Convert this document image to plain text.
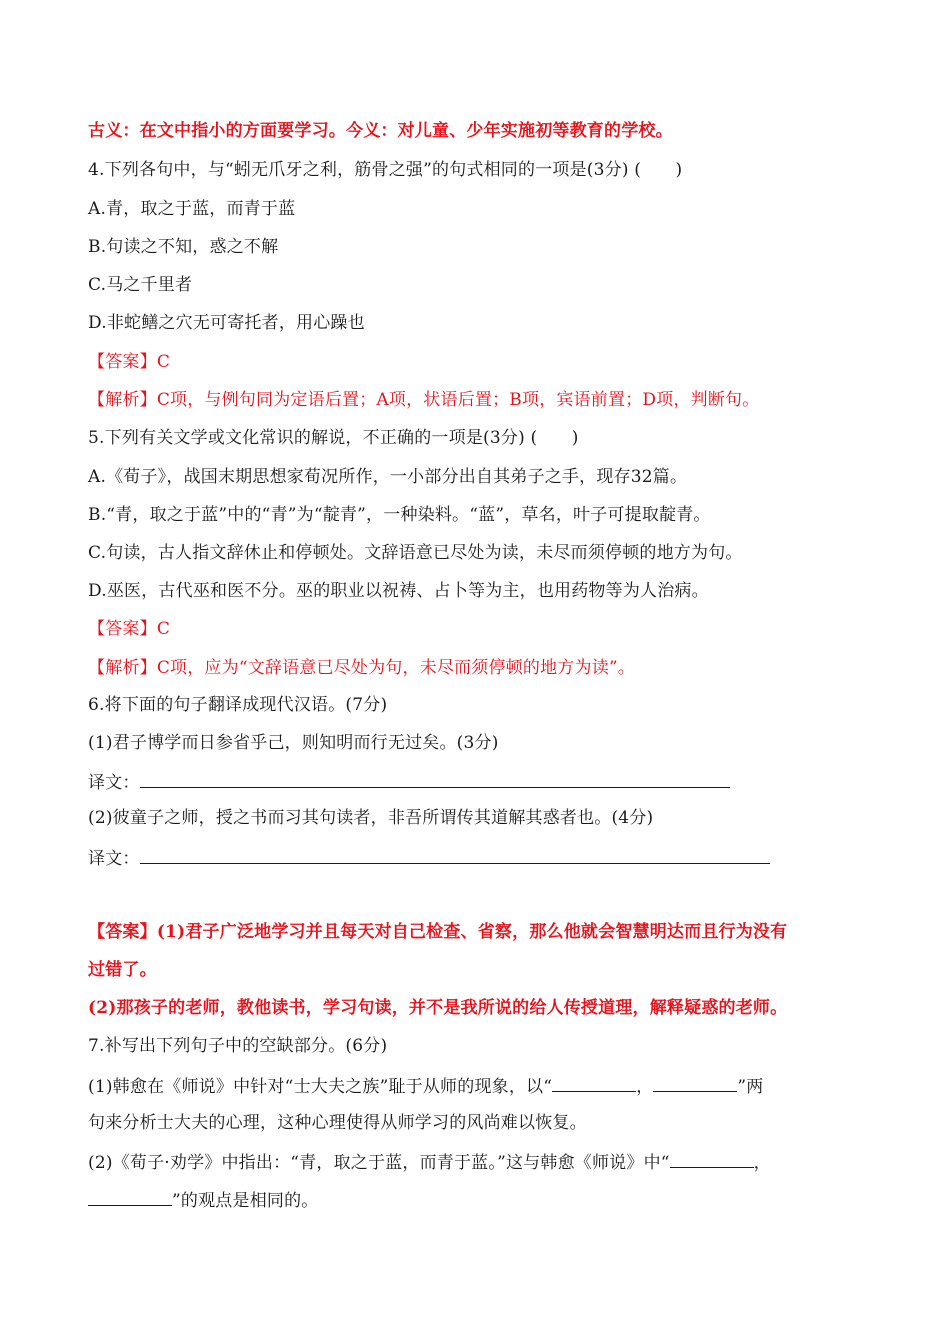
古义：在文中指小的方面要学习。今义：对儿童、少年实施初等教育的学校。
4.下列各句中，与“蚓无爪牙之利，筋骨之强”的句式相同的一项是(3分) (　　)
A.青，取之于蓝，而青于蓝
B.句读之不知，惑之不解
C.马之千里者
D.非蛇鳝之穴无可寄托者，用心躁也
【答案】C
【解析】C项，与例句同为定语后置；A项，状语后置；B项，宾语前置；D项，判断句。
5.下列有关文学或文化常识的解说，不正确的一项是(3分) (　　)
A.《荀子》，战国末期思想家荀况所作，一小部分出自其弟子之手，现存32篇。
B.“青，取之于蓝”中的“青”为“靛青”，一种染料。“蓝”，草名，叶子可提取靛青。
C.句读，古人指文辞休止和停顿处。文辞语意已尽处为读，未尽而须停顿的地方为句。
D.巫医，古代巫和医不分。巫的职业以祝祷、占卜等为主，也用药物等为人治病。
【答案】C
【解析】C项，应为“文辞语意已尽处为句，未尽而须停顿的地方为读”。
6.将下面的句子翻译成现代汉语。(7分)
(1)君子博学而日参省乎己，则知明而行无过矣。(3分)
译文：
(2)彼童子之师，授之书而习其句读者，非吾所谓传其道解其惑者也。(4分)
译文：
【答案】(1)君子广泛地学习并且每天对自己检查、省察，那么他就会智慧明达而且行为没有
过错了。
(2)那孩子的老师，教他读书，学习句读，并不是我所说的给人传授道理，解释疑惑的老师。
7.补写出下列句子中的空缺部分。(6分)
(1)韩愈在《师说》中针对“士大夫之族”耻于从师的现象，以“	，	”两
句来分析士大夫的心理，这种心理使得从师学习的风尚难以恢复。
(2)《荀子·劝学》中指出：“青，取之于蓝，而青于蓝。”这与韩愈《师说》中“	，
”的观点是相同的。
